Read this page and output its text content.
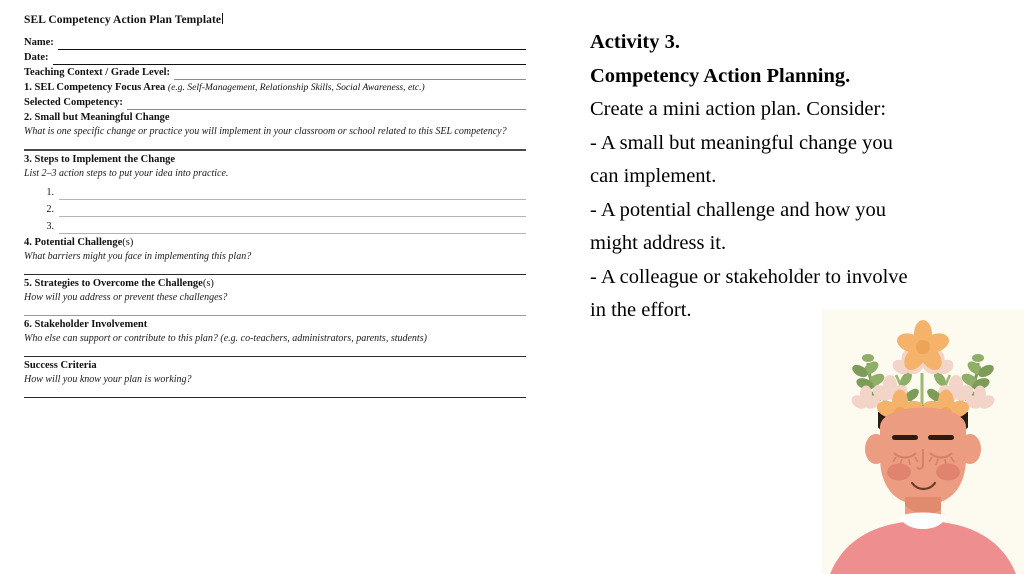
SEL Competency Action Plan Template
Name:
Date:
Teaching Context / Grade Level:

1. SEL Competency Focus Area (e.g. Self-Management, Relationship Skills, Social Awareness, etc.)

Selected Competency:

2. Small but Meaningful Change

What is one specific change or practice you will implement in your classroom or school related to this SEL competency?

3. Steps to Implement the Change

List 2–3 action steps to put your idea into practice.

1.
2.
3.

4. Potential Challenge(s)

What barriers might you face in implementing this plan?

5. Strategies to Overcome the Challenge(s)

How will you address or prevent these challenges?

6. Stakeholder Involvement

Who else can support or contribute to this plan? (e.g. co-teachers, administrators, parents, students)

Success Criteria

How will you know your plan is working?

Activity 3.

Competency Action Planning.

Create a mini action plan. Consider:

- A small but meaningful change you

can implement.

- A potential challenge and how you

might address it.

- A colleague or stakeholder to involve

in the effort.
